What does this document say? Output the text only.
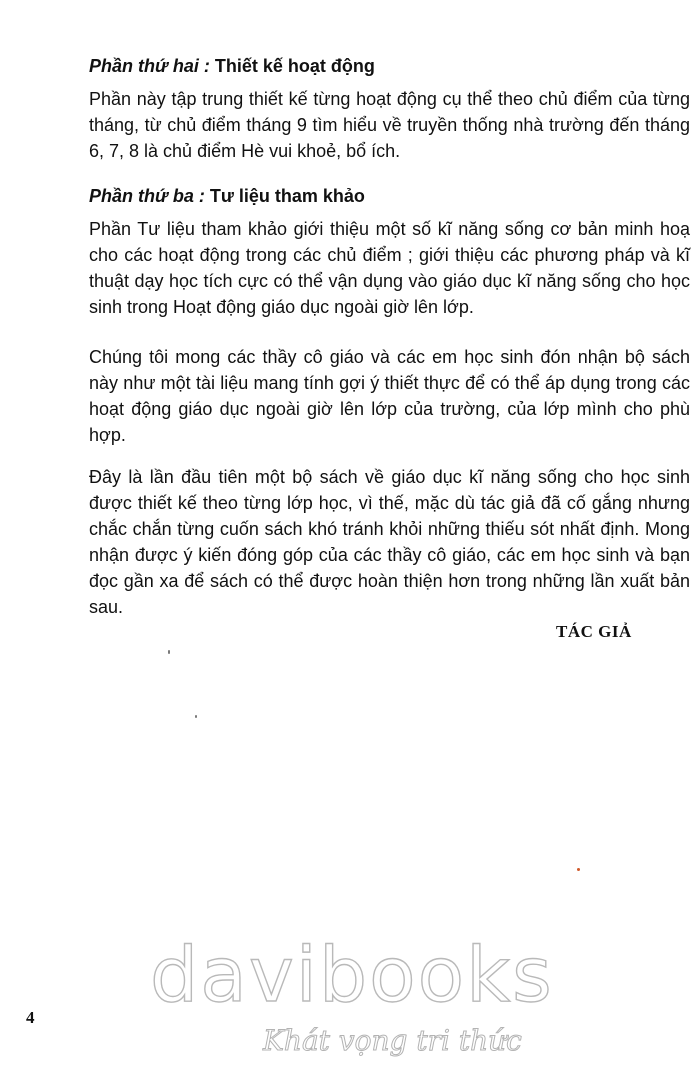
Phần thứ hai : Thiết kế hoạt động

Phần này tập trung thiết kế từng hoạt động cụ thể theo chủ điểm của từng tháng, từ chủ điểm tháng 9 tìm hiểu về truyền thống nhà trường đến tháng 6, 7, 8 là chủ điểm Hè vui khoẻ, bổ ích.

Phần thứ ba : Tư liệu tham khảo

Phần Tư liệu tham khảo giới thiệu một số kĩ năng sống cơ bản minh hoạ cho các hoạt động trong các chủ điểm ; giới thiệu các phương pháp và kĩ thuật dạy học tích cực có thể vận dụng vào giáo dục kĩ năng sống cho học sinh trong Hoạt động giáo dục ngoài giờ lên lớp.

Chúng tôi mong các thầy cô giáo và các em học sinh đón nhận bộ sách này như một tài liệu mang tính gợi ý thiết thực để có thể áp dụng trong các hoạt động giáo dục ngoài giờ lên lớp của trường, của lớp mình cho phù hợp.

Đây là lần đầu tiên một bộ sách về giáo dục kĩ năng sống cho học sinh được thiết kế theo từng lớp học, vì thế, mặc dù tác giả đã cố gắng nhưng chắc chắn từng cuốn sách khó tránh khỏi những thiếu sót nhất định. Mong nhận được ý kiến đóng góp của các thầy cô giáo, các em học sinh và bạn đọc gần xa để sách có thể được hoàn thiện hơn trong những lần xuất bản sau.

TÁC GIẢ
davibooks
Khát vọng tri thức
4
